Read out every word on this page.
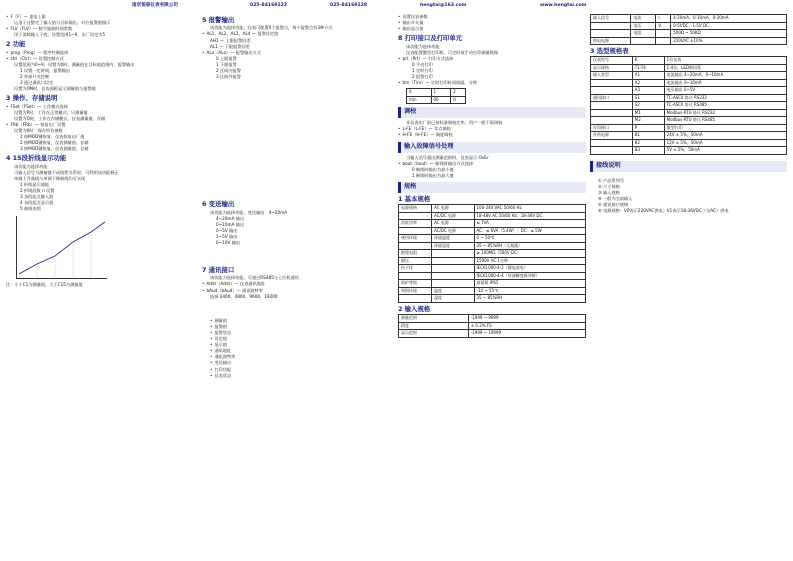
南京恒泰仪表有限公司	025-84169122	025-84169128	hengtai@163.com	www.hengtai.com
• F（F）— 重复上限
运用于自整定了输入值与目标输出，对应报警值指示
• FLV（FLV）— 数字滤波时间常数
用于消除输入干扰，设置范围1~9，出厂设定为5
2 功能
• prog（Prog）— 程序控制选择
• ctrl（Ctrl）— 设置控制方式
设置范围为0~9，设置为0时，测量值在目标值范围内，报警输出
1 设置一定时间，报警输出
2 外部开关控制
3 通过通讯口设定
设置为ON时，仪表面板显示测量值与报警值
3 操作、存储说明
• FSet（FSet）— 工作模式选择
设置为P时，工作在正常模式，只测量值
设置为O时，工作在存储模式，仪表测量值、存储
• FRb（FRb）— 恢复出厂设置
设置为0时：保存所有参数
1 按MOD键恢复，仪表恢复出厂值
2 按MOD键恢复，仪表测量值、存储
3 按MOD键恢复，仪表测量值、存储
4 15段折线显示功能
该功能为选择功能
当输入信号与测量值不成线性关系时，可利用该功能修正
单调上升曲线与单调下降曲线均可实现
1 折线显示使能
2 折线段数 n 设置
3 各段起点输入值
4 各段起点显示值
5 曲线表图
注：小于C1为测量值，大于C15为测量值
5 报警输出
该功能为选择功能，仪表可配置4个报警点，每个报警点有3种方式
• AL1、AL2、AL3、AL4 — 报警设定值
AH1 — 上限报警回差
AL1 — 下限报警回差
• ALo（ALo）— 报警输出方式
0 上限报警
1 下限报警
2 区间内报警
3 区间外报警
6 变送输出
该功能为选择功能，变送输出：4~20mA
4~20mA 输出
0~10mA 输出
0~5V 输出
1~5V 输出
0~10V 输出
7 通讯接口
该功能为选择功能，可通过RS485与上位机通讯
• Addr（Addr）— 仪表通讯地址
• bAud（bAud）— 通讯波特率
选择 2400、4800、9600、19200
• 测量值
• 报警值
• 报警状态
• 设定值
• 显示值
• 通讯地址
• 通讯波特率
• 变送输出
• 打印功能
• 仪表状态
• 设置仪表参数
• 输出开关量
• 输出显示值
8 打印接口及打印单元
该功能为选择功能
仪表配置微型打印机，可定时或手动打印测量数据
• prt（Prt）— 打印方式选择
0 手动打印
1 定时打印
2 报警打印
• tim（Tim）— 定时打印时间间隔，分钟
0	1	2
min	00	0
调校
本仪表出厂前已按标准调校完毕，用户一般不需调校
• L-FE（L-FE）— 零点调校
• H-FE（H-FE）— 满度调校
输入故障信号处理
当输入信号超出测量范围时，仪表显示 OvEr
• bout（bout）— 断线时输出方式选择
0 断线时输出为最小值
1 断线时输出为最大值
规格
1 基本规格
电源规格	AC 电源	100-240 VAC 50/60 Hz
	AC/DC 电源	18-48V AC 50/60 Hz；18-36V DC
消耗功率	AC 电源	≤ 7VA
	AC/DC 电源	AC：≤ 6VA（5.4W）；DC：≤ 5W
使用环境	环境温度	0 ~ 50℃
	环境湿度	35 ~ 85%RH（无凝露）
绝缘电阻		≥ 100MΩ（500V DC）
耐压		1500V AC 1分钟
抗干扰		IEC61000-4-2（静电放电）
		IEC61000-4-4（快速瞬变脉冲群）
防护等级		前面板 IP65
周围环境	温度	-10 ~ 55℃
	湿度	35 ~ 85%RH
2 输入规格
测量范围	-1999 ~ 9999
精度	± 0.2% FS
显示范围	-1999 ~ 19999
输入信号	电流	I	4-20mA、0-10mA、0-20mA
	电压	V	0-5VDC、1-5V DC
	电阻		500Ω ~ 50KΩ
供电电源			220VAC ±10%
3 选型规格表
仪表型号	K	1位仪表
显示规格	T1-T4	1-4位，LED数码管
输入类型	A1	电流输出 4~20mA，0~10mA
	A2	电流输出 0~10mA
	A3	电压输出 0~5V
通讯接口	S1	TC-ASCII 协议 RS232
	S2	TC-ASCII 协议 RS485
	M1	Modbus-RTU 协议 RS232
	M2	Modbus-RTU 协议 RS485
打印接口	P	微型打印
外供电源	B1	24V ± 5%，50mA
	B2	12V ± 5%，50mA
	B3	5V ± 5%，50mA
接线说明
① 产品系列号
② 尺寸规格
③ 输入规格
④ 一般为当前输入
⑤ 通讯接口规格
⑥ 电源规格：V0表示220VAC供电；V1表示18-36VDC（交AC）供电
